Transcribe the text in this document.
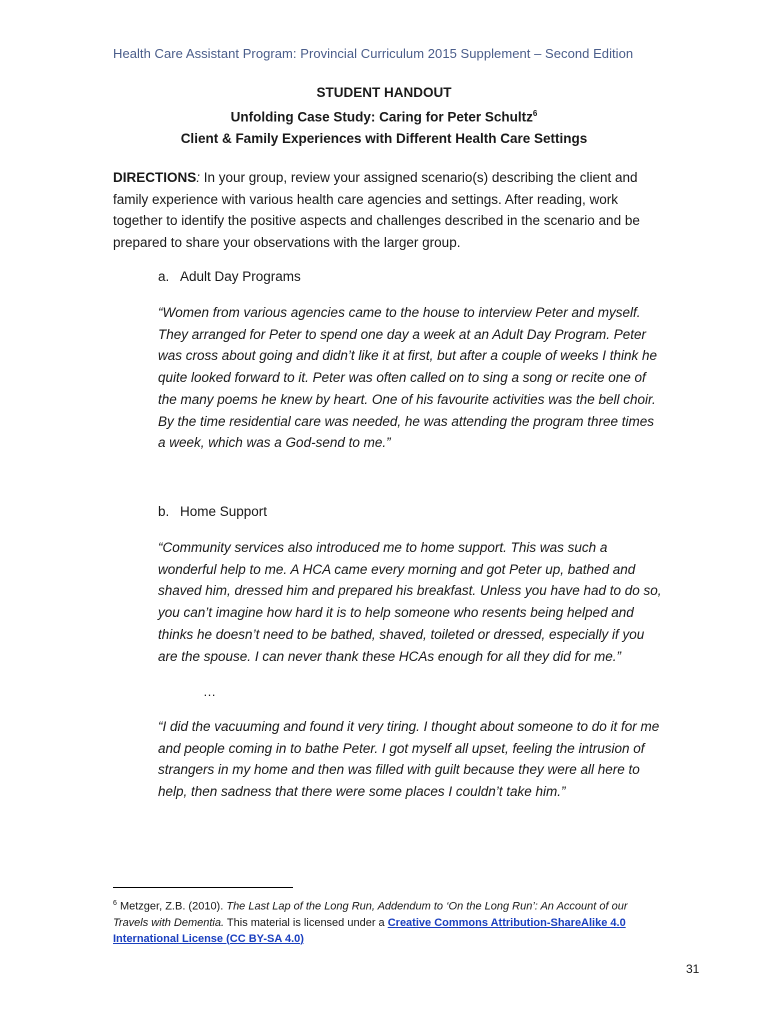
Health Care Assistant Program: Provincial Curriculum 2015 Supplement – Second Edition
STUDENT HANDOUT
Unfolding Case Study: Caring for Peter Schultz$^6$
Client & Family Experiences with Different Health Care Settings
DIRECTIONS: In your group, review your assigned scenario(s) describing the client and family experience with various health care agencies and settings. After reading, work together to identify the positive aspects and challenges described in the scenario and be prepared to share your observations with the larger group.
a. Adult Day Programs
“Women from various agencies came to the house to interview Peter and myself. They arranged for Peter to spend one day a week at an Adult Day Program. Peter was cross about going and didn’t like it at first, but after a couple of weeks I think he quite looked forward to it. Peter was often called on to sing a song or recite one of the many poems he knew by heart. One of his favourite activities was the bell choir. By the time residential care was needed, he was attending the program three times a week, which was a God-send to me.”
b. Home Support
“Community services also introduced me to home support. This was such a wonderful help to me. A HCA came every morning and got Peter up, bathed and shaved him, dressed him and prepared his breakfast. Unless you have had to do so, you can’t imagine how hard it is to help someone who resents being helped and thinks he doesn’t need to be bathed, shaved, toileted or dressed, especially if you are the spouse. I can never thank these HCAs enough for all they did for me.”
…
“I did the vacuuming and found it very tiring. I thought about someone to do it for me and people coming in to bathe Peter. I got myself all upset, feeling the intrusion of strangers in my home and then was filled with guilt because they were all here to help, then sadness that there were some places I couldn’t take him.”
$^6$ Metzger, Z.B. (2010). The Last Lap of the Long Run, Addendum to ‘On the Long Run’: An Account of our Travels with Dementia. This material is licensed under a Creative Commons Attribution-ShareAlike 4.0 International License (CC BY-SA 4.0)
31
